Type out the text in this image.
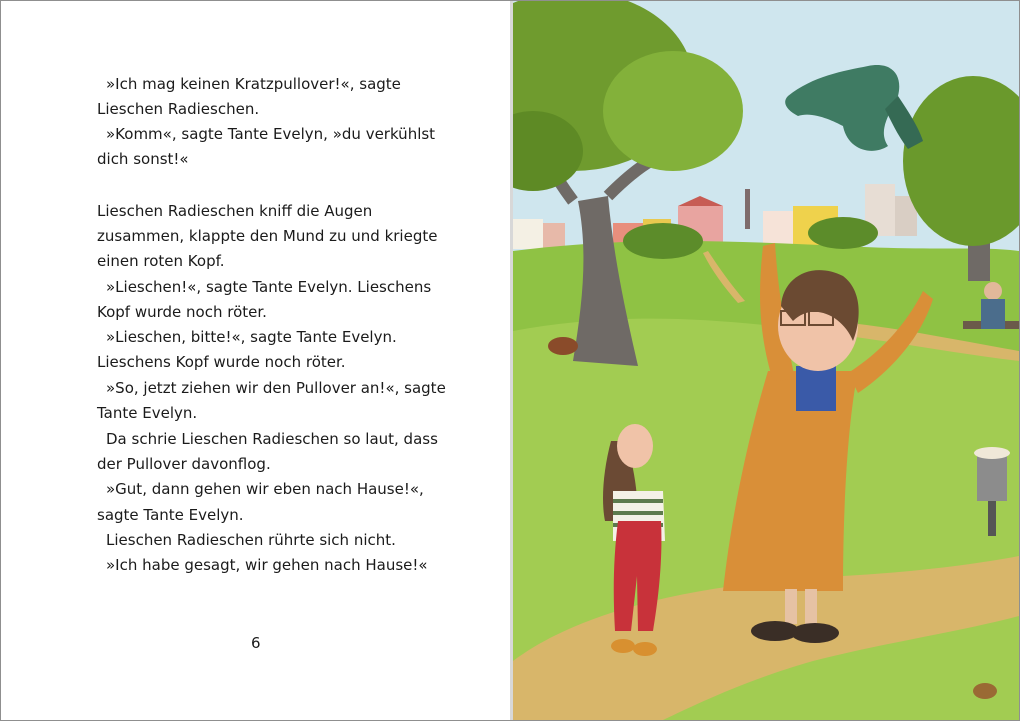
»Ich mag keinen Kratzpullover!«, sagte
Lieschen Radieschen.
»Komm«, sagte Tante Evelyn, »du verkühlst
dich sonst!«
Lieschen Radieschen kniff die Augen
zusammen, klappte den Mund zu und kriegte
einen roten Kopf.
»Lieschen!«, sagte Tante Evelyn. Lieschens
Kopf wurde noch röter.
»Lieschen, bitte!«, sagte Tante Evelyn.
Lieschens Kopf wurde noch röter.
»So, jetzt ziehen wir den Pullover an!«, sagte
Tante Evelyn.
Da schrie Lieschen Radieschen so laut, dass
der Pullover davonflog.
»Gut, dann gehen wir eben nach Hause!«,
sagte Tante Evelyn.
Lieschen Radieschen rührte sich nicht.
»Ich habe gesagt, wir gehen nach Hause!«
6
